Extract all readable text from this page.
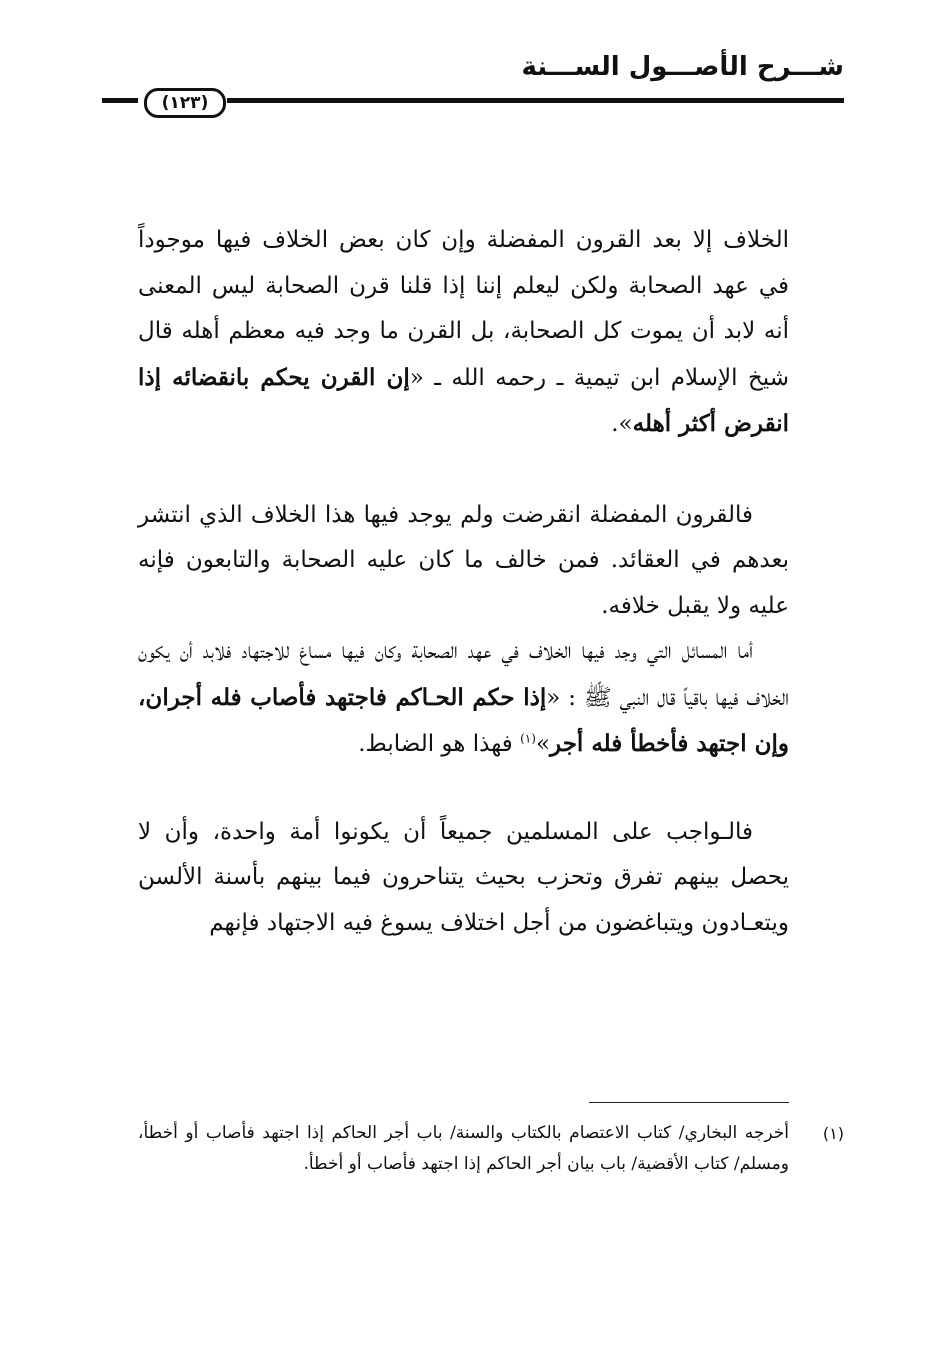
شـــرح الأصـــول الســـنة
(١٢٣)

الخلاف إلا بعد القرون المفضلة وإن كان بعض الخلاف فيها موجوداً في عهد الصحابة ولكن ليعلم إننا إذا قلنا قرن الصحابة ليس المعنى أنه لابد أن يموت كل الصحابة، بل القرن ما وجد فيه معظم أهله قال شيخ الإسلام ابن تيمية ـ رحمه الله ـ «إن القرن يحكم بانقضائه إذا انقرض أكثر أهله».

فالقرون المفضلة انقرضت ولم يوجد فيها هذا الخلاف الذي انتشر بعدهم في العقائد. فمن خالف ما كان عليه الصحابة والتابعون فإنه عليه ولا يقبل خلافه.

أما المسائل التي وجد فيها الخلاف في عهد الصحابة وكان فيها مساغ للاجتهاد فلابد أن يكون الخلاف فيها باقياً قال النبي ﷺ : «إذا حكم الحـاكم فاجتهد فأصاب فله أجران، وإن اجتهد فأخطأ فله أجر»$^{(١)}$ فهذا هو الضابط.

فالـواجب على المسلمين جميعاً أن يكونوا أمة واحدة، وأن لا يحصل بينهم تفرق وتحزب بحيث يتناحرون فيما بينهم بأسنة الألسن ويتعـادون ويتباغضون من أجل اختلاف يسوغ فيه الاجتهاد فإنهم

(١)
أخرجه البخاري/ كتاب الاعتصام بالكتاب والسنة/ باب أجر الحاكم إذا اجتهد فأصاب أو أخطأ، ومسلم/ كتاب الأقضية/ باب بيان أجر الحاكم إذا اجتهد فأصاب أو أخطأ.
